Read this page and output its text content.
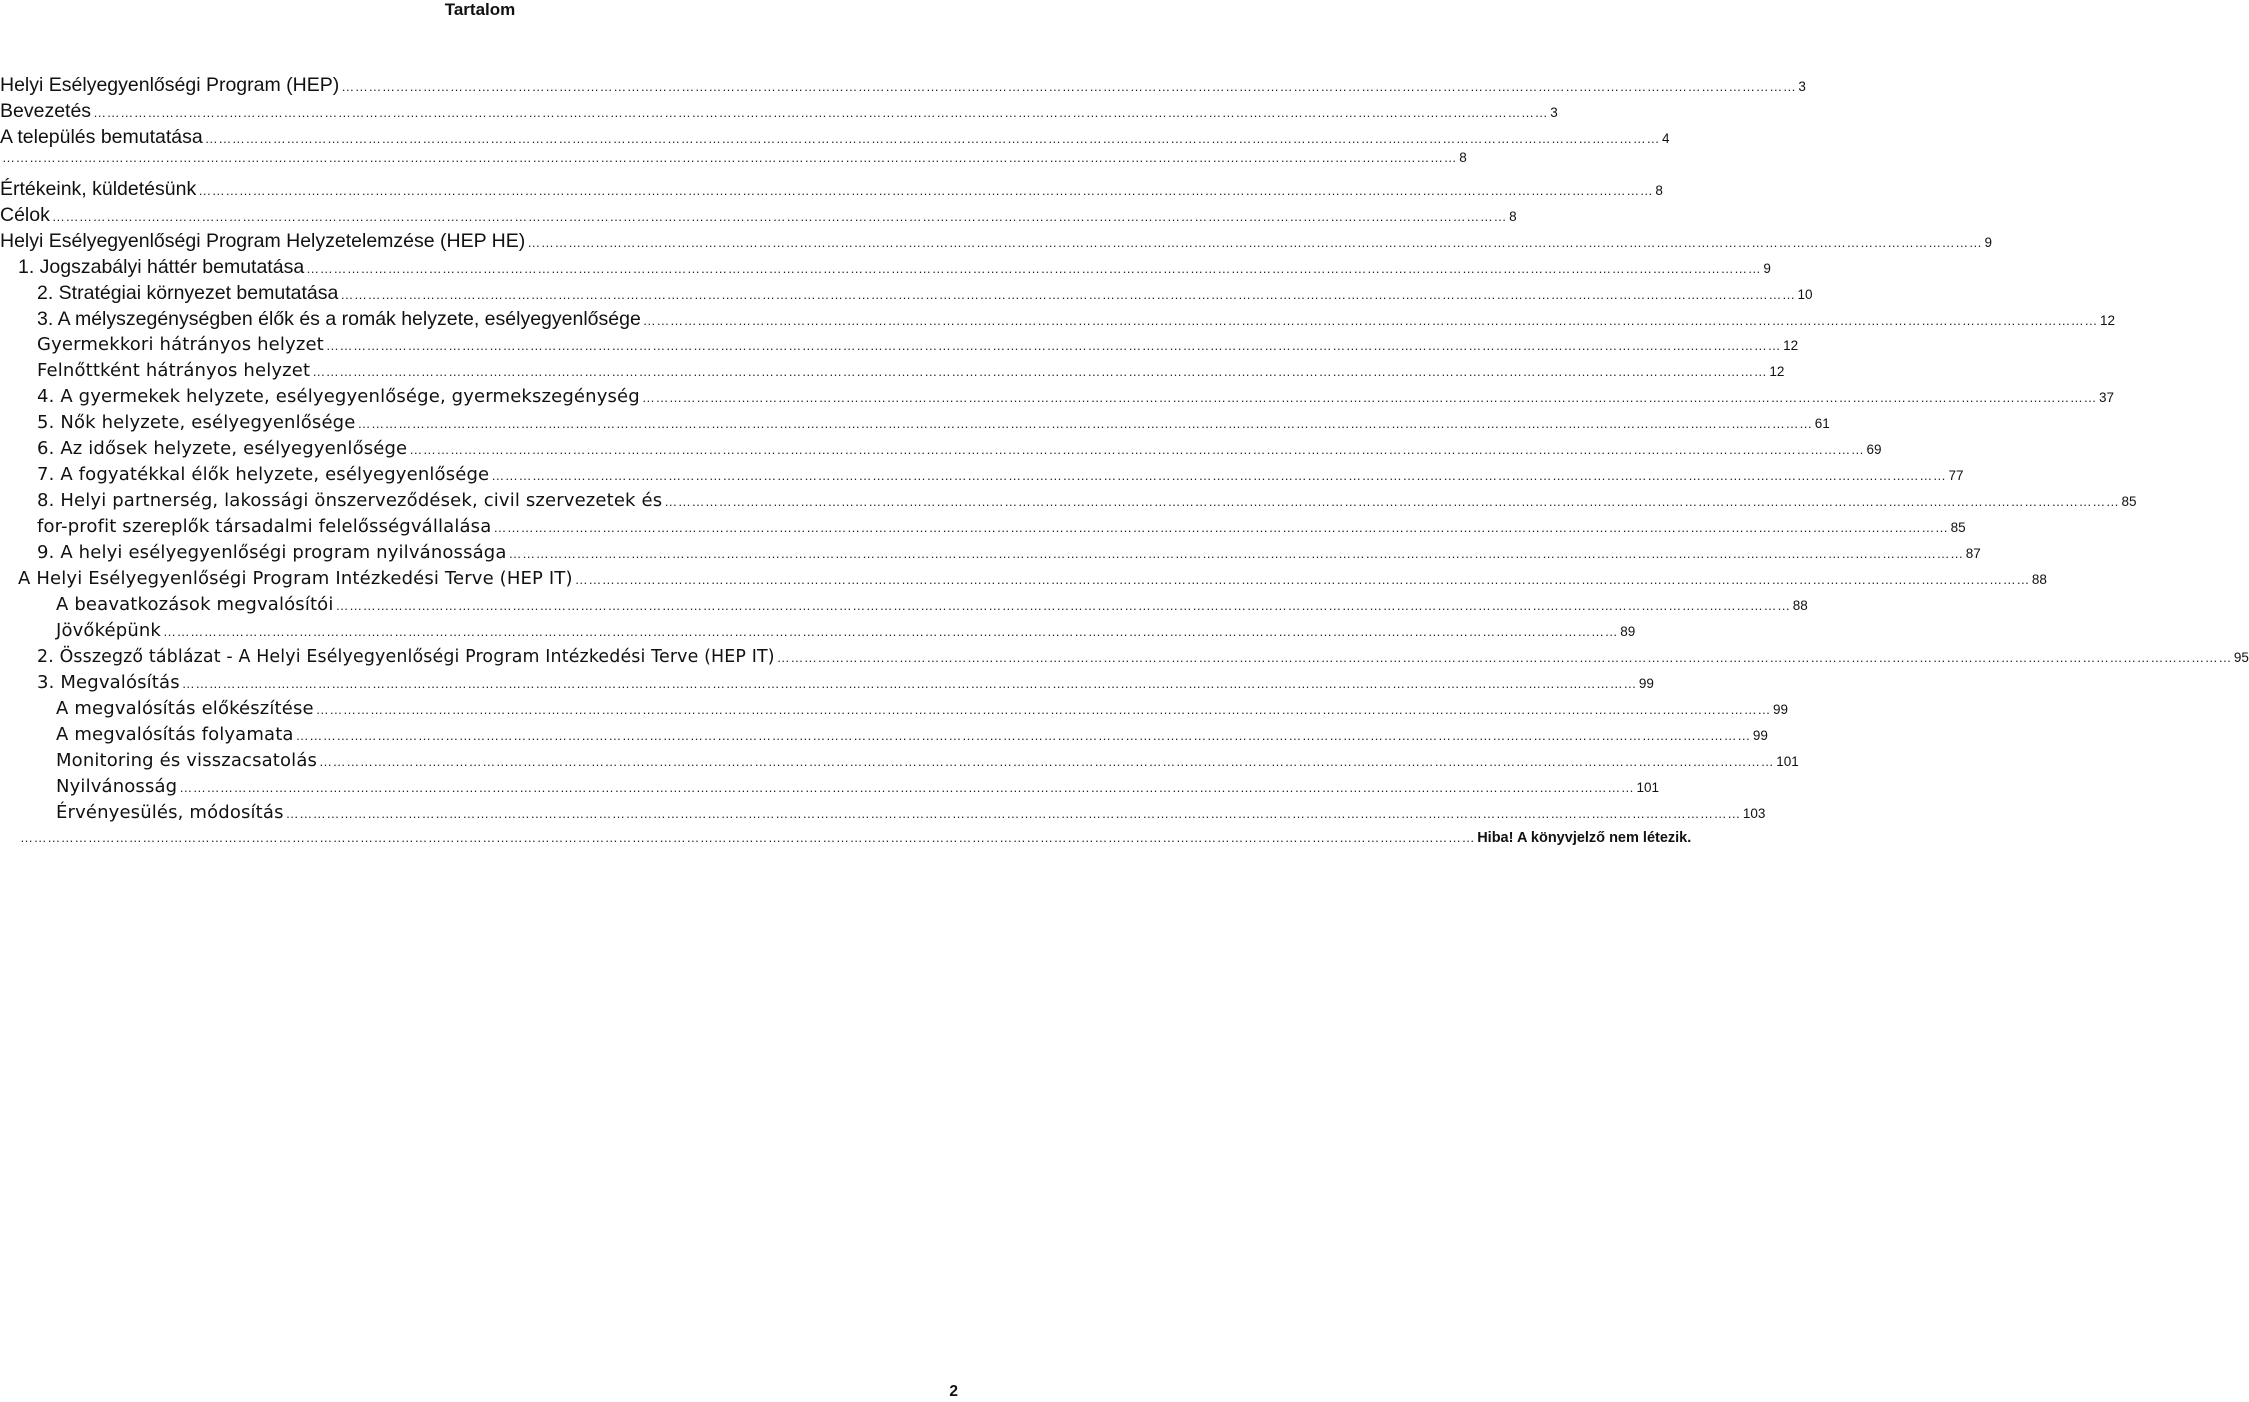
Tartalom
Helyi Esélyegyenlőségi Program (HEP) …………………………………………………………………………………………………………………………………………………………………………………………………………………………………………………………………………………………… 3
Bevezetés …………………………………………………………………………………………………………………………………………………………………………………………………………………………………………………………………………………………… 3
A település bemutatása …………………………………………………………………………………………………………………………………………………………………………………………………………………………………………………………………………………………… 4
…………………………………………………………………………………………………………………………………………………………………………………………………………………………………………………………………………………………… 8
Értékeink, küldetésünk …………………………………………………………………………………………………………………………………………………………………………………………………………………………………………………………………………………………… 8
Célok …………………………………………………………………………………………………………………………………………………………………………………………………………………………………………………………………………………………… 8
Helyi Esélyegyenlőségi Program Helyzetelemzése (HEP HE) …………………………………………………………………………………………………………………………………………………………………………………………………………………………………………………………………………………………… 9
1. Jogszabályi háttér bemutatása …………………………………………………………………………………………………………………………………………………………………………………………………………………………………………………………………………………………… 9
2. Stratégiai környezet bemutatása …………………………………………………………………………………………………………………………………………………………………………………………………………………………………………………………………………………………… 10
3. A mélyszegénységben élők és a romák helyzete, esélyegyenlősége …………………………………………………………………………………………………………………………………………………………………………………………………………………………………………………………………………………………… 12
Gyermekkori hátrányos helyzet …………………………………………………………………………………………………………………………………………………………………………………………………………………………………………………………………………………………… 12
Felnőttként hátrányos helyzet …………………………………………………………………………………………………………………………………………………………………………………………………………………………………………………………………………………………… 12
4. A gyermekek helyzete, esélyegyenlősége, gyermekszegénység …………………………………………………………………………………………………………………………………………………………………………………………………………………………………………………………………………………………… 37
5. Nők helyzete, esélyegyenlősége …………………………………………………………………………………………………………………………………………………………………………………………………………………………………………………………………………………………… 61
6. Az idősek helyzete, esélyegyenlősége …………………………………………………………………………………………………………………………………………………………………………………………………………………………………………………………………………………………… 69
7. A fogyatékkal élők helyzete, esélyegyenlősége …………………………………………………………………………………………………………………………………………………………………………………………………………………………………………………………………………………………… 77
8. Helyi partnerség, lakossági önszerveződések, civil szervezetek és …………………………………………………………………………………………………………………………………………………………………………………………………………………………………………………………………………………………… 85
for-profit szereplők társadalmi felelősségvállalása …………………………………………………………………………………………………………………………………………………………………………………………………………………………………………………………………………………………… 85
9. A helyi esélyegyenlőségi program nyilvánossága …………………………………………………………………………………………………………………………………………………………………………………………………………………………………………………………………………………………… 87
A Helyi Esélyegyenlőségi Program Intézkedési Terve (HEP IT) …………………………………………………………………………………………………………………………………………………………………………………………………………………………………………………………………………………………… 88
A beavatkozások megvalósítói …………………………………………………………………………………………………………………………………………………………………………………………………………………………………………………………………………………………… 88
Jövőképünk …………………………………………………………………………………………………………………………………………………………………………………………………………………………………………………………………………………………… 89
2. Összegző táblázat - A Helyi Esélyegyenlőségi Program Intézkedési Terve (HEP IT) …………………………………………………………………………………………………………………………………………………………………………………………………………………………………………………………………………………………… 95
3. Megvalósítás …………………………………………………………………………………………………………………………………………………………………………………………………………………………………………………………………………………………… 99
A megvalósítás előkészítése …………………………………………………………………………………………………………………………………………………………………………………………………………………………………………………………………………………………… 99
A megvalósítás folyamata …………………………………………………………………………………………………………………………………………………………………………………………………………………………………………………………………………………………… 99
Monitoring és visszacsatolás …………………………………………………………………………………………………………………………………………………………………………………………………………………………………………………………………………………………… 101
Nyilvánosság …………………………………………………………………………………………………………………………………………………………………………………………………………………………………………………………………………………………… 101
Érvényesülés, módosítás …………………………………………………………………………………………………………………………………………………………………………………………………………………………………………………………………………………………… 103
…………………………………………………………………………………………………………………………………………………………………………………………………………………………………………………………………………………………… Hiba! A könyvjelző nem létezik.
2
